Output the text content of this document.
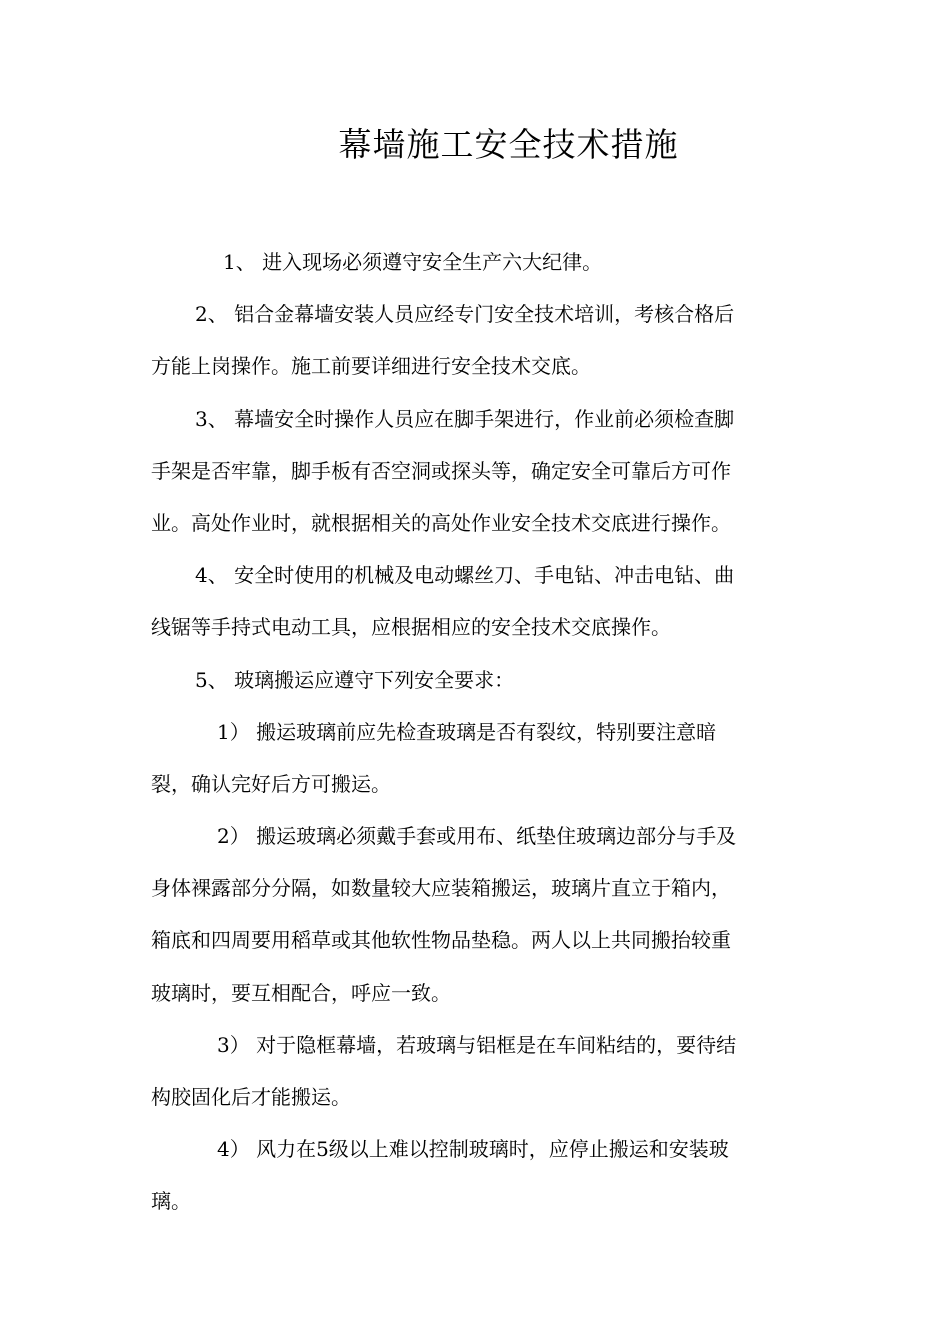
幕墙施工安全技术措施

1、 进入现场必须遵守安全生产六大纪律。

2、 铝合金幕墙安装人员应经专门安全技术培训，考核合格后
方能上岗操作。施工前要详细进行安全技术交底。

3、 幕墙安全时操作人员应在脚手架进行，作业前必须检查脚
手架是否牢靠，脚手板有否空洞或探头等，确定安全可靠后方可作
业。高处作业时，就根据相关的高处作业安全技术交底进行操作。

4、 安全时使用的机械及电动螺丝刀、手电钻、冲击电钻、曲
线锯等手持式电动工具，应根据相应的安全技术交底操作。

5、 玻璃搬运应遵守下列安全要求：

1） 搬运玻璃前应先检查玻璃是否有裂纹，特别要注意暗
裂，确认完好后方可搬运。

2） 搬运玻璃必须戴手套或用布、纸垫住玻璃边部分与手及
身体裸露部分分隔，如数量较大应装箱搬运，玻璃片直立于箱内，
箱底和四周要用稻草或其他软性物品垫稳。两人以上共同搬抬较重
玻璃时，要互相配合，呼应一致。

3） 对于隐框幕墙，若玻璃与铝框是在车间粘结的，要待结
构胶固化后才能搬运。

4） 风力在5级以上难以控制玻璃时，应停止搬运和安装玻
璃。
